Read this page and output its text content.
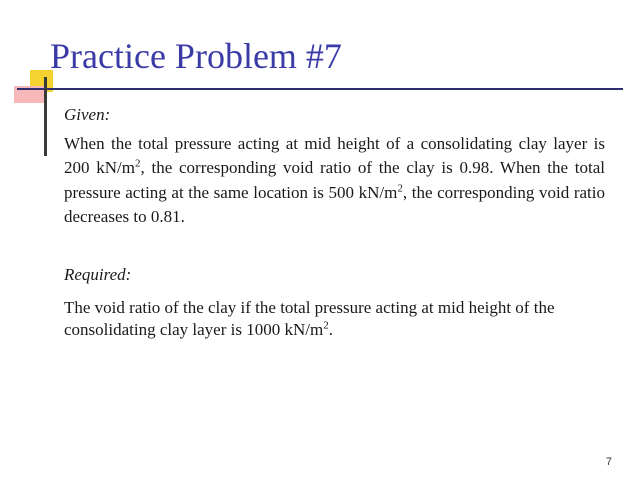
Practice Problem #7
Given:
When the total pressure acting at mid height of a consolidating clay layer is 200 $kN/m^2$, the corresponding void ratio of the clay is 0.98. When the total pressure acting at the same location is 500 $kN/m^2$, the corresponding void ratio decreases to 0.81.
Required:
The void ratio of the clay if the total pressure acting at mid height of the consolidating clay layer is 1000 $kN/m^2$.
7
